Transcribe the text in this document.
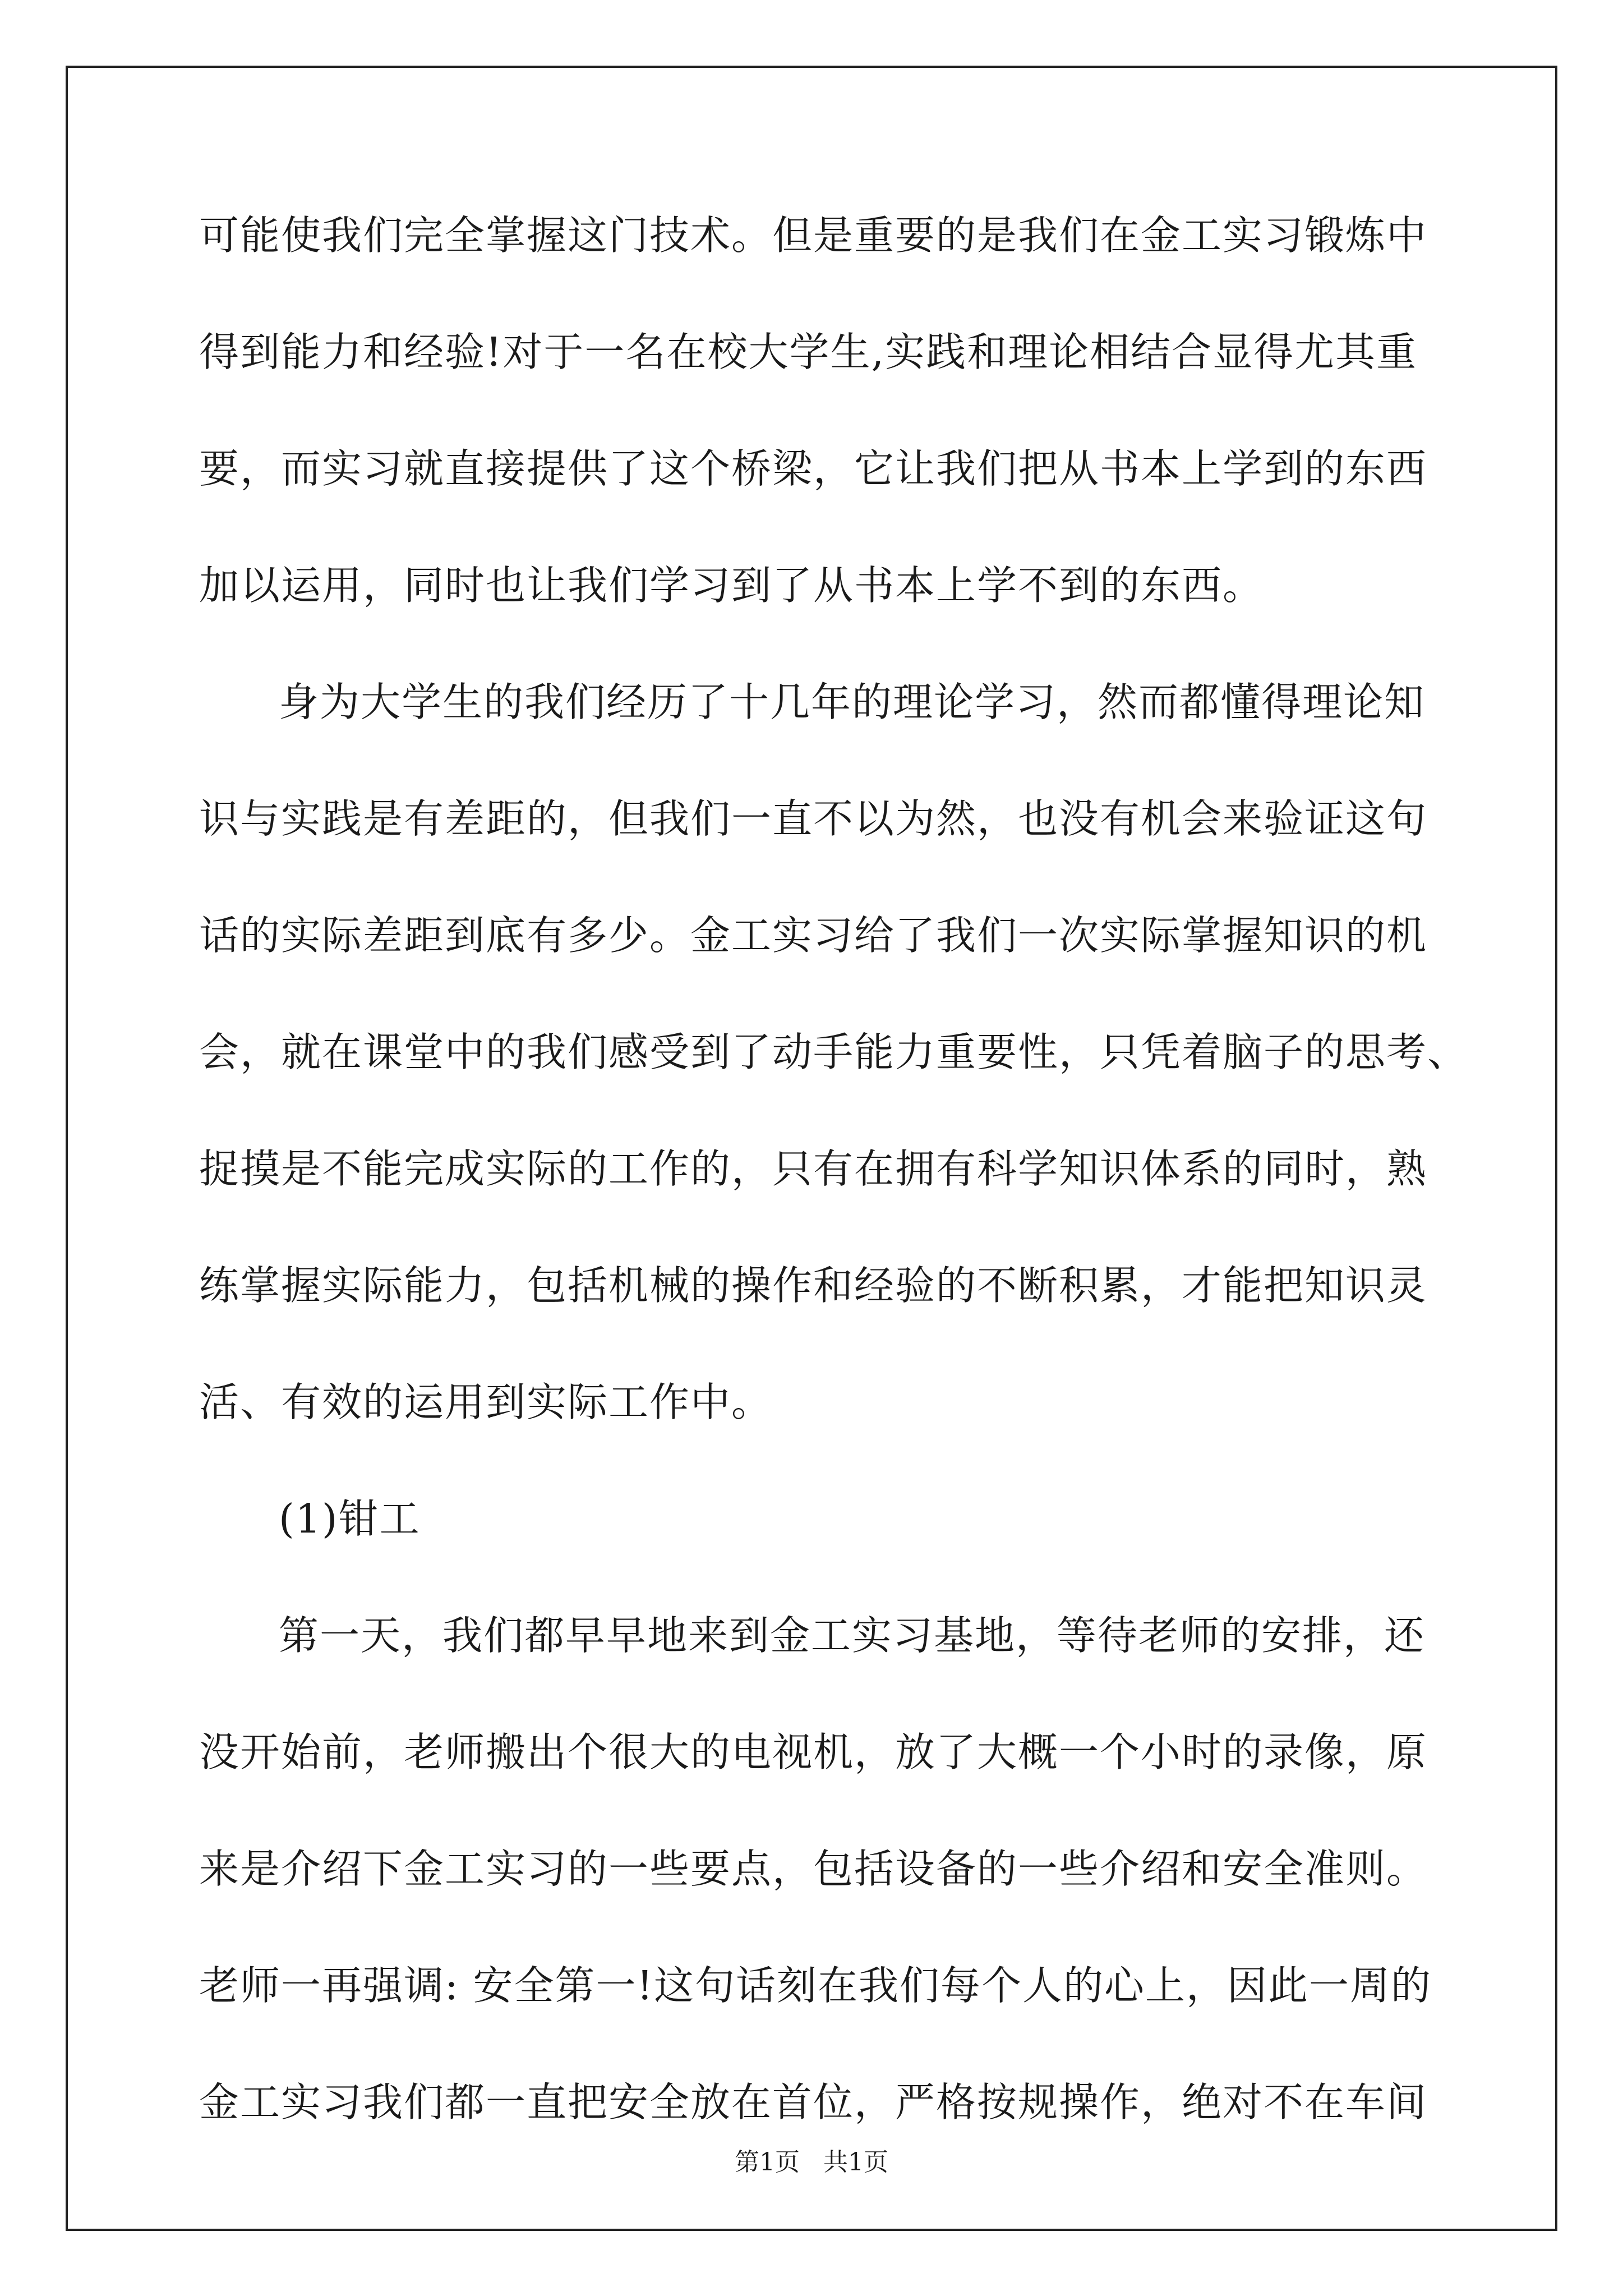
可能使我们完全掌握这门技术。但是重要的是我们在金工实习锻炼中
得到能力和经验!对于一名在校大学生,实践和理论相结合显得尤其重
要，而实习就直接提供了这个桥梁，它让我们把从书本上学到的东西
加以运用，同时也让我们学习到了从书本上学不到的东西。
身为大学生的我们经历了十几年的理论学习，然而都懂得理论知
识与实践是有差距的，但我们一直不以为然，也没有机会来验证这句
话的实际差距到底有多少。金工实习给了我们一次实际掌握知识的机
会，就在课堂中的我们感受到了动手能力重要性，只凭着脑子的思考、
捉摸是不能完成实际的工作的，只有在拥有科学知识体系的同时，熟
练掌握实际能力，包括机械的操作和经验的不断积累，才能把知识灵
活、有效的运用到实际工作中。
(1)钳工
第一天，我们都早早地来到金工实习基地，等待老师的安排，还
没开始前，老师搬出个很大的电视机，放了大概一个小时的录像，原
来是介绍下金工实习的一些要点，包括设备的一些介绍和安全准则。
老师一再强调: 安全第一!这句话刻在我们每个人的心上，因此一周的
金工实习我们都一直把安全放在首位，严格按规操作，绝对不在车间
第1页   共1页
